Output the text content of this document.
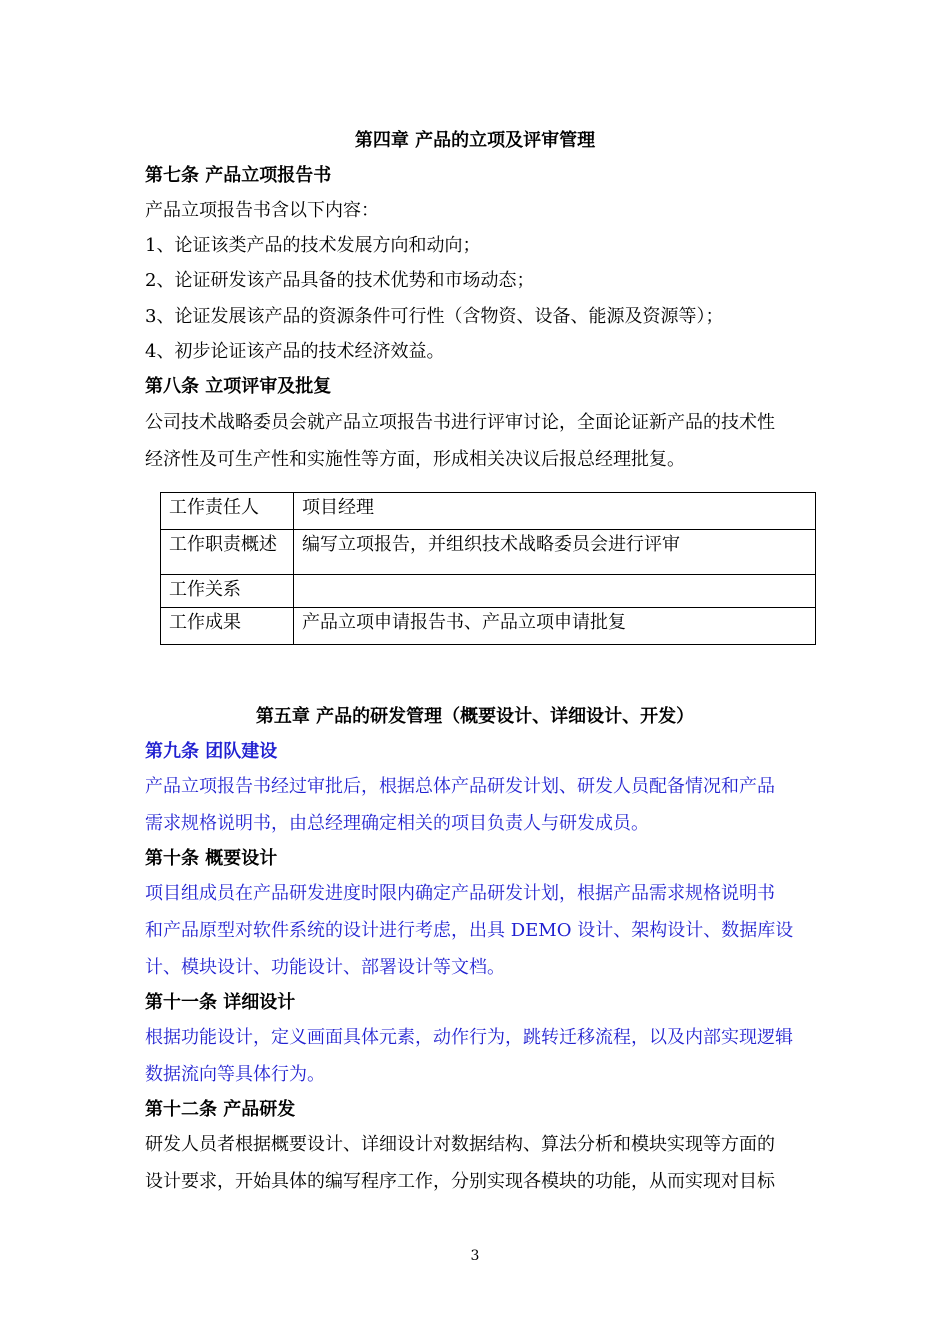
第四章 产品的立项及评审管理
第七条 产品立项报告书
产品立项报告书含以下内容：
1、论证该类产品的技术发展方向和动向；
2、论证研发该产品具备的技术优势和市场动态；
3、论证发展该产品的资源条件可行性（含物资、设备、能源及资源等）；
4、初步论证该产品的技术经济效益。
第八条 立项评审及批复
公司技术战略委员会就产品立项报告书进行评审讨论，全面论证新产品的技术性
经济性及可生产性和实施性等方面，形成相关决议后报总经理批复。
工作责任人	项目经理
工作职责概述	编写立项报告，并组织技术战略委员会进行评审
工作关系	
工作成果	产品立项申请报告书、产品立项申请批复
第五章 产品的研发管理（概要设计、详细设计、开发）
第九条 团队建设
产品立项报告书经过审批后，根据总体产品研发计划、研发人员配备情况和产品
需求规格说明书，由总经理确定相关的项目负责人与研发成员。
第十条 概要设计
项目组成员在产品研发进度时限内确定产品研发计划，根据产品需求规格说明书
和产品原型对软件系统的设计进行考虑，出具 DEMO 设计、架构设计、数据库设
计、模块设计、功能设计、部署设计等文档。
第十一条 详细设计
根据功能设计，定义画面具体元素，动作行为，跳转迁移流程，以及内部实现逻辑
数据流向等具体行为。
第十二条 产品研发
研发人员者根据概要设计、详细设计对数据结构、算法分析和模块实现等方面的
设计要求，开始具体的编写程序工作，分别实现各模块的功能，从而实现对目标
3
